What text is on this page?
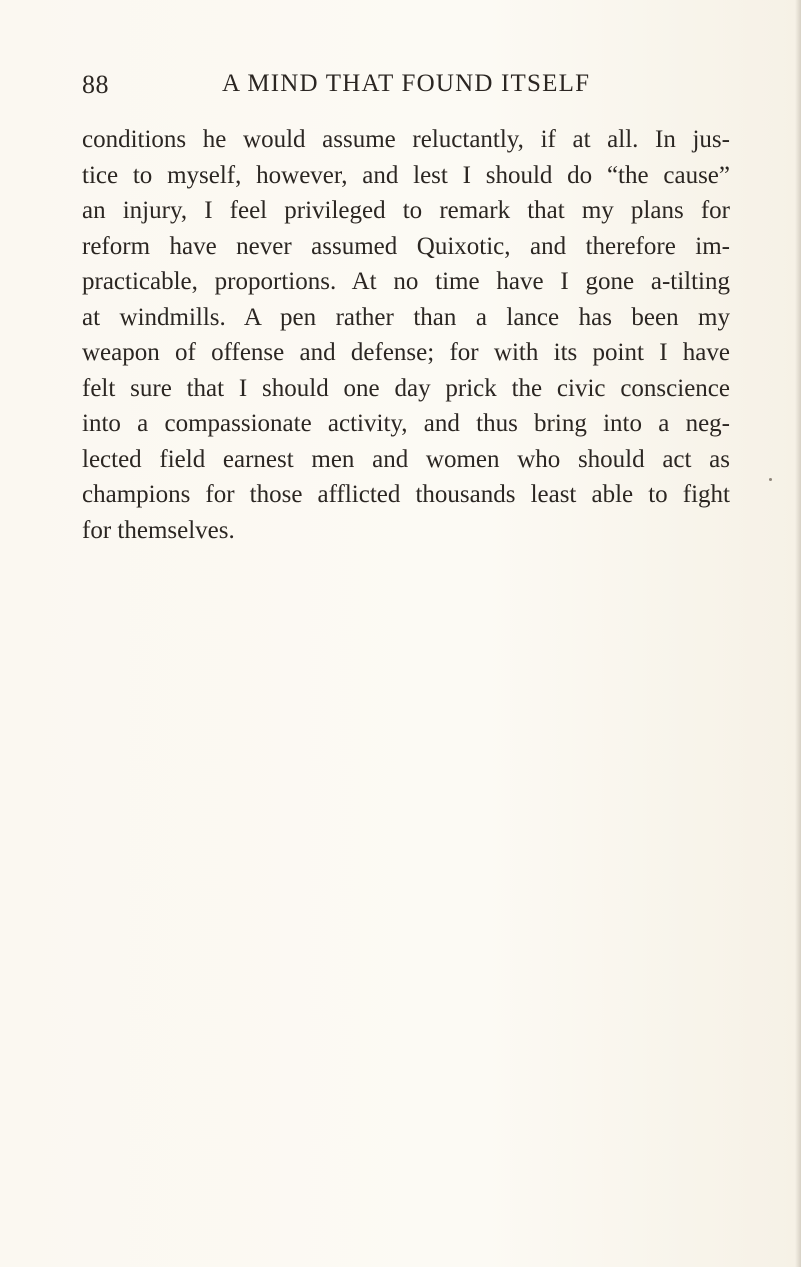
88	A MIND THAT FOUND ITSELF
conditions he would assume reluctantly, if at all. In jus-
tice to myself, however, and lest I should do “the cause”
an injury, I feel privileged to remark that my plans for
reform have never assumed Quixotic, and therefore im-
practicable, proportions. At no time have I gone a-tilting
at windmills. A pen rather than a lance has been my
weapon of offense and defense; for with its point I have
felt sure that I should one day prick the civic conscience
into a compassionate activity, and thus bring into a neg-
lected field earnest men and women who should act as
champions for those afflicted thousands least able to fight
for themselves.
